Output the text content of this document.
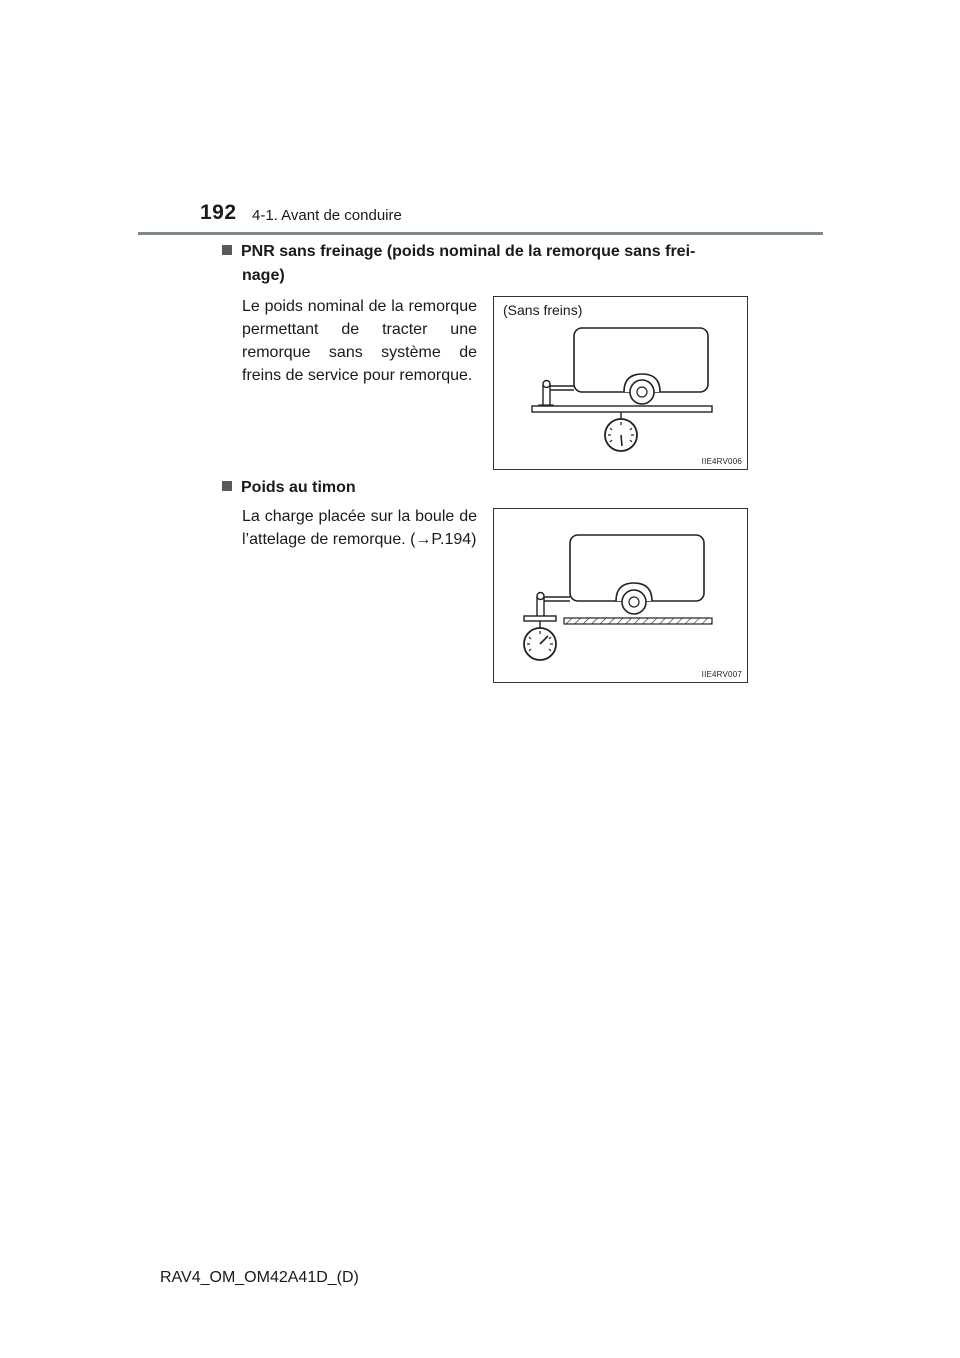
192 4-1. Avant de conduire
PNR sans freinage (poids nominal de la remorque sans frei-
nage)
Le poids nominal de la remorque permettant de tracter une remorque sans système de freins de service pour remorque.
(Sans freins)
IIE4RV006
Poids au timon
La charge placée sur la boule de l’attelage de remorque. (→P.194)
IIE4RV007
RAV4_OM_OM42A41D_(D)
